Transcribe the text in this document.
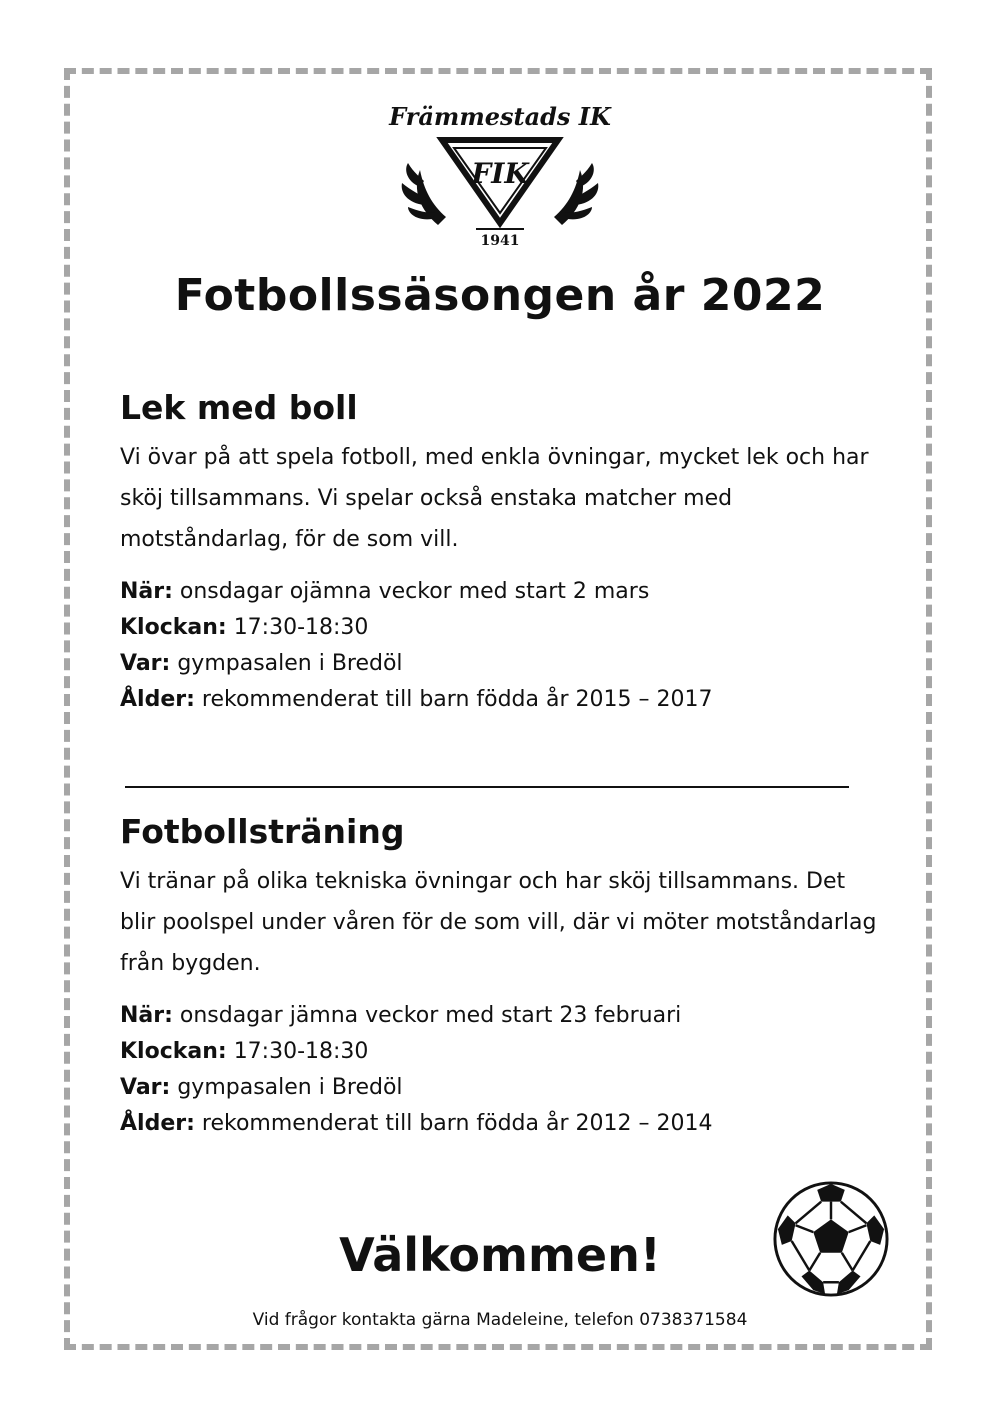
Främmestads IK
FIK
1941
Fotbollssäsongen år 2022
Lek med boll

Vi övar på att spela fotboll, med enkla övningar, mycket lek och har sköj tillsammans. Vi spelar också enstaka matcher med motståndarlag, för de som vill.

När: onsdagar ojämna veckor med start 2 mars

Klockan: 17:30-18:30

Var: gympasalen i Bredöl

Ålder: rekommenderat till barn födda år 2015 – 2017

Fotbollsträning

Vi tränar på olika tekniska övningar och har sköj tillsammans. Det blir poolspel under våren för de som vill, där vi möter motståndarlag från bygden.

När: onsdagar jämna veckor med start 23 februari

Klockan: 17:30-18:30

Var: gympasalen i Bredöl

Ålder: rekommenderat till barn födda år 2012 – 2014

Välkommen!

Vid frågor kontakta gärna Madeleine, telefon 0738371584
